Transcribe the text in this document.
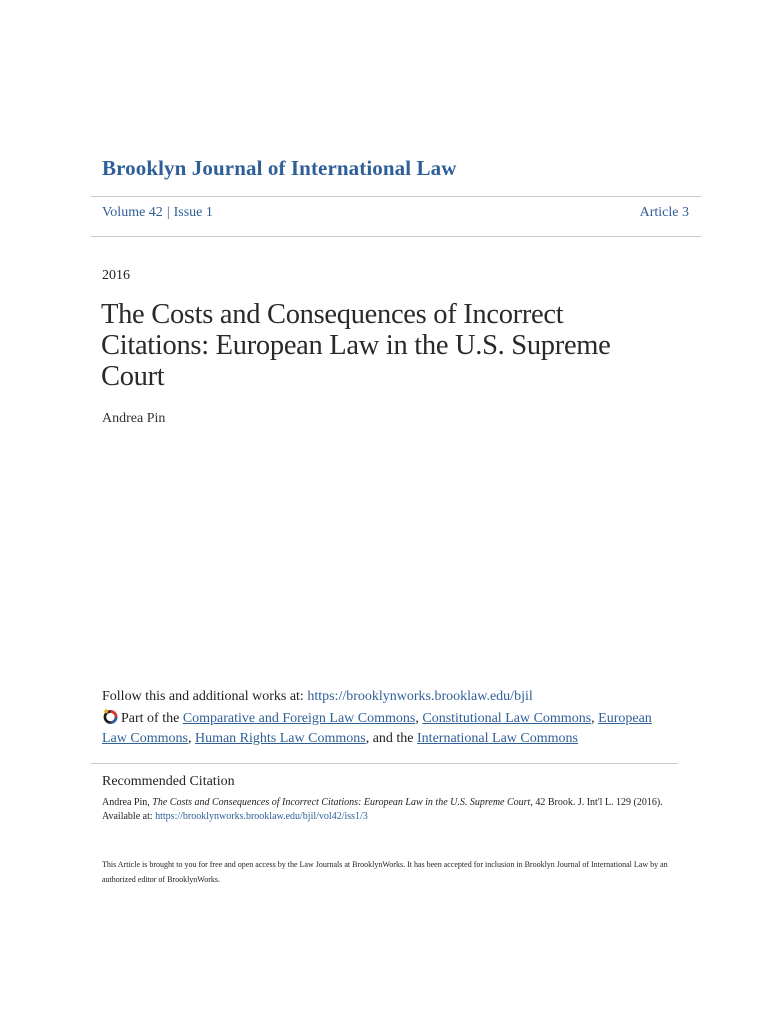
Brooklyn Journal of International Law
Volume 42 | Issue 1	Article 3
2016
The Costs and Consequences of Incorrect Citations: European Law in the U.S. Supreme Court
Andrea Pin
Follow this and additional works at: https://brooklynworks.brooklaw.edu/bjil
Part of the Comparative and Foreign Law Commons, Constitutional Law Commons, European Law Commons, Human Rights Law Commons, and the International Law Commons
Recommended Citation
Andrea Pin, The Costs and Consequences of Incorrect Citations: European Law in the U.S. Supreme Court, 42 Brook. J. Int'l L. 129 (2016).
Available at: https://brooklynworks.brooklaw.edu/bjil/vol42/iss1/3
This Article is brought to you for free and open access by the Law Journals at BrooklynWorks. It has been accepted for inclusion in Brooklyn Journal of International Law by an authorized editor of BrooklynWorks.
